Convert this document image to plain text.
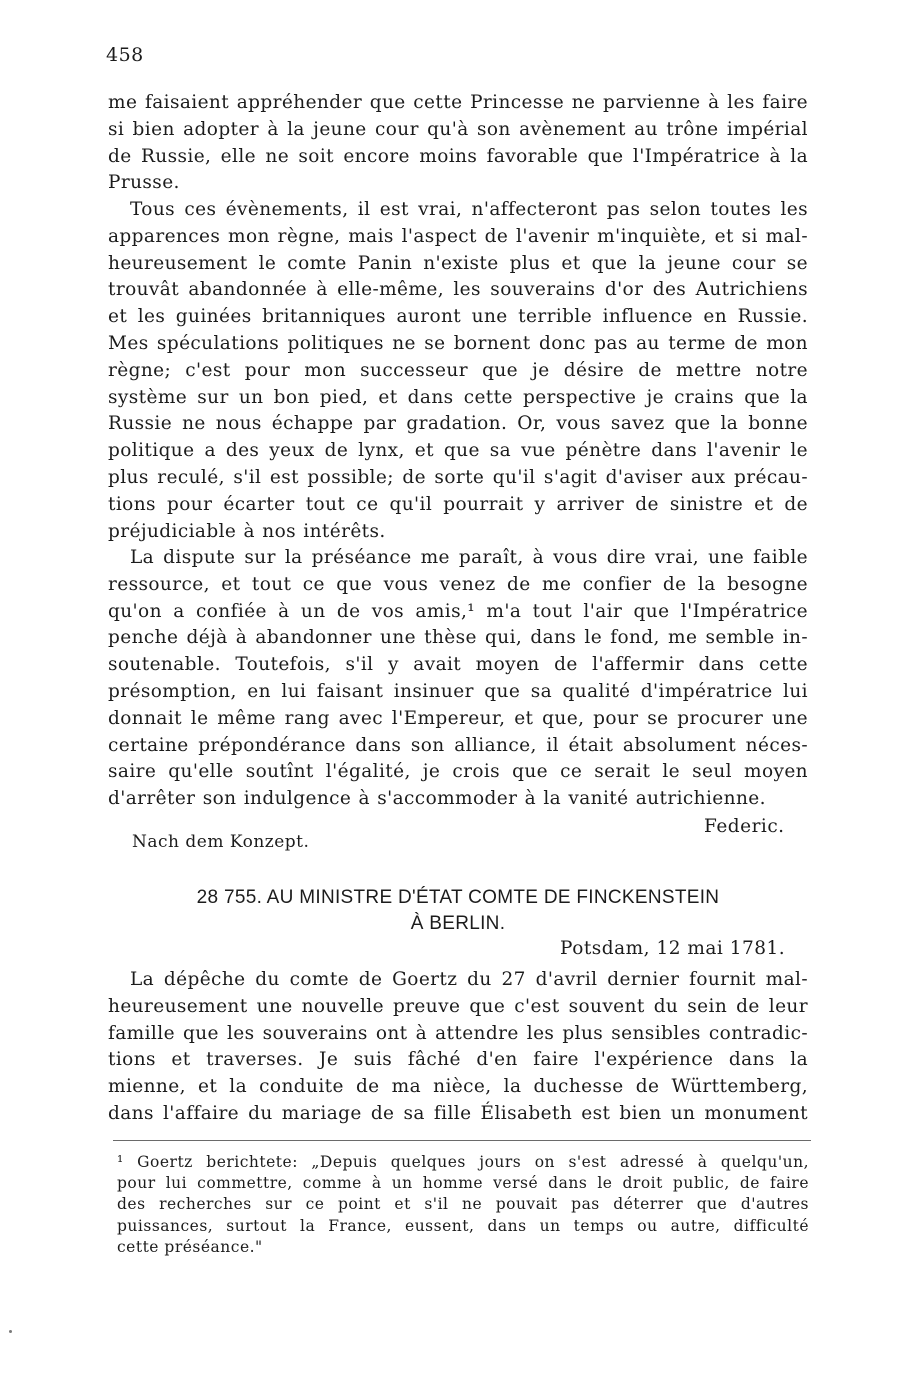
458
me faisaient appréhender que cette Princesse ne parvienne à les faire
si bien adopter à la jeune cour qu'à son avènement au trône impérial
de Russie, elle ne soit encore moins favorable que l'Impératrice à la
Prusse.
Tous ces évènements, il est vrai, n'affecteront pas selon toutes les
apparences mon règne, mais l'aspect de l'avenir m'inquiète, et si mal-
heureusement le comte Panin n'existe plus et que la jeune cour se
trouvât abandonnée à elle-même, les souverains d'or des Autrichiens
et les guinées britanniques auront une terrible influence en Russie.
Mes spéculations politiques ne se bornent donc pas au terme de mon
règne; c'est pour mon successeur que je désire de mettre notre
système sur un bon pied, et dans cette perspective je crains que la
Russie ne nous échappe par gradation. Or, vous savez que la bonne
politique a des yeux de lynx, et que sa vue pénètre dans l'avenir le
plus reculé, s'il est possible; de sorte qu'il s'agit d'aviser aux précau-
tions pour écarter tout ce qu'il pourrait y arriver de sinistre et de
préjudiciable à nos intérêts.
La dispute sur la préséance me paraît, à vous dire vrai, une faible
ressource, et tout ce que vous venez de me confier de la besogne
qu'on a confiée à un de vos amis,¹ m'a tout l'air que l'Impératrice
penche déjà à abandonner une thèse qui, dans le fond, me semble in-
soutenable. Toutefois, s'il y avait moyen de l'affermir dans cette
présomption, en lui faisant insinuer que sa qualité d'impératrice lui
donnait le même rang avec l'Empereur, et que, pour se procurer une
certaine prépondérance dans son alliance, il était absolument néces-
saire qu'elle soutînt l'égalité, je crois que ce serait le seul moyen
d'arrêter son indulgence à s'accommoder à la vanité autrichienne.
Federic.
Nach dem Konzept.
28 755. AU MINISTRE D'ÉTAT COMTE DE FINCKENSTEIN
À BERLIN.
Potsdam, 12 mai 1781.
La dépêche du comte de Goertz du 27 d'avril dernier fournit mal-
heureusement une nouvelle preuve que c'est souvent du sein de leur
famille que les souverains ont à attendre les plus sensibles contradic-
tions et traverses. Je suis fâché d'en faire l'expérience dans la
mienne, et la conduite de ma nièce, la duchesse de Württemberg,
dans l'affaire du mariage de sa fille Élisabeth est bien un monument
¹ Goertz berichtete: „Depuis quelques jours on s'est adressé à quelqu'un,
pour lui commettre, comme à un homme versé dans le droit public, de faire
des recherches sur ce point et s'il ne pouvait pas déterrer que d'autres
puissances, surtout la France, eussent, dans un temps ou autre, difficulté
cette préséance."
